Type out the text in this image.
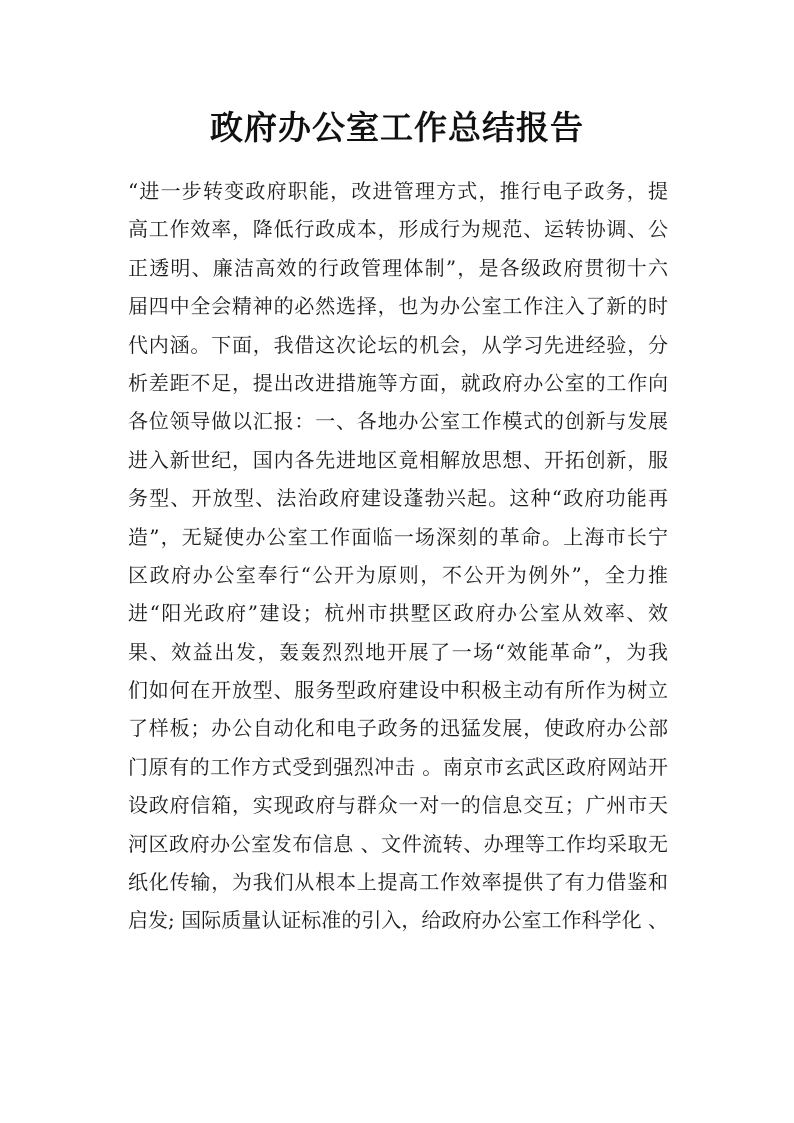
政府办公室工作总结报告
“进一步转变政府职能，改进管理方式，推行电子政务，提
高工作效率，降低行政成本，形成行为规范、运转协调、公
正透明、廉洁高效的行政管理体制”，是各级政府贯彻十六
届四中全会精神的必然选择，也为办公室工作注入了新的时
代内涵。下面，我借这次论坛的机会，从学习先进经验，分
析差距不足，提出改进措施等方面，就政府办公室的工作向
各位领导做以汇报：一、各地办公室工作模式的创新与发展
进入新世纪，国内各先进地区竟相解放思想、开拓创新，服
务型、开放型、法治政府建设蓬勃兴起。这种“政府功能再
造”，无疑使办公室工作面临一场深刻的革命。上海市长宁
区政府办公室奉行“公开为原则，不公开为例外”，全力推
进“阳光政府”建设；杭州市拱墅区政府办公室从效率、效
果、效益出发，轰轰烈烈地开展了一场“效能革命”，为我
们如何在开放型、服务型政府建设中积极主动有所作为树立
了样板；办公自动化和电子政务的迅猛发展，使政府办公部
门原有的工作方式受到强烈冲击 。南京市玄武区政府网站开
设政府信箱，实现政府与群众一对一的信息交互；广州市天
河区政府办公室发布信息 、文件流转、办理等工作均采取无
纸化传输，为我们从根本上提高工作效率提供了有力借鉴和
启发; 国际质量认证标准的引入，给政府办公室工作科学化 、
